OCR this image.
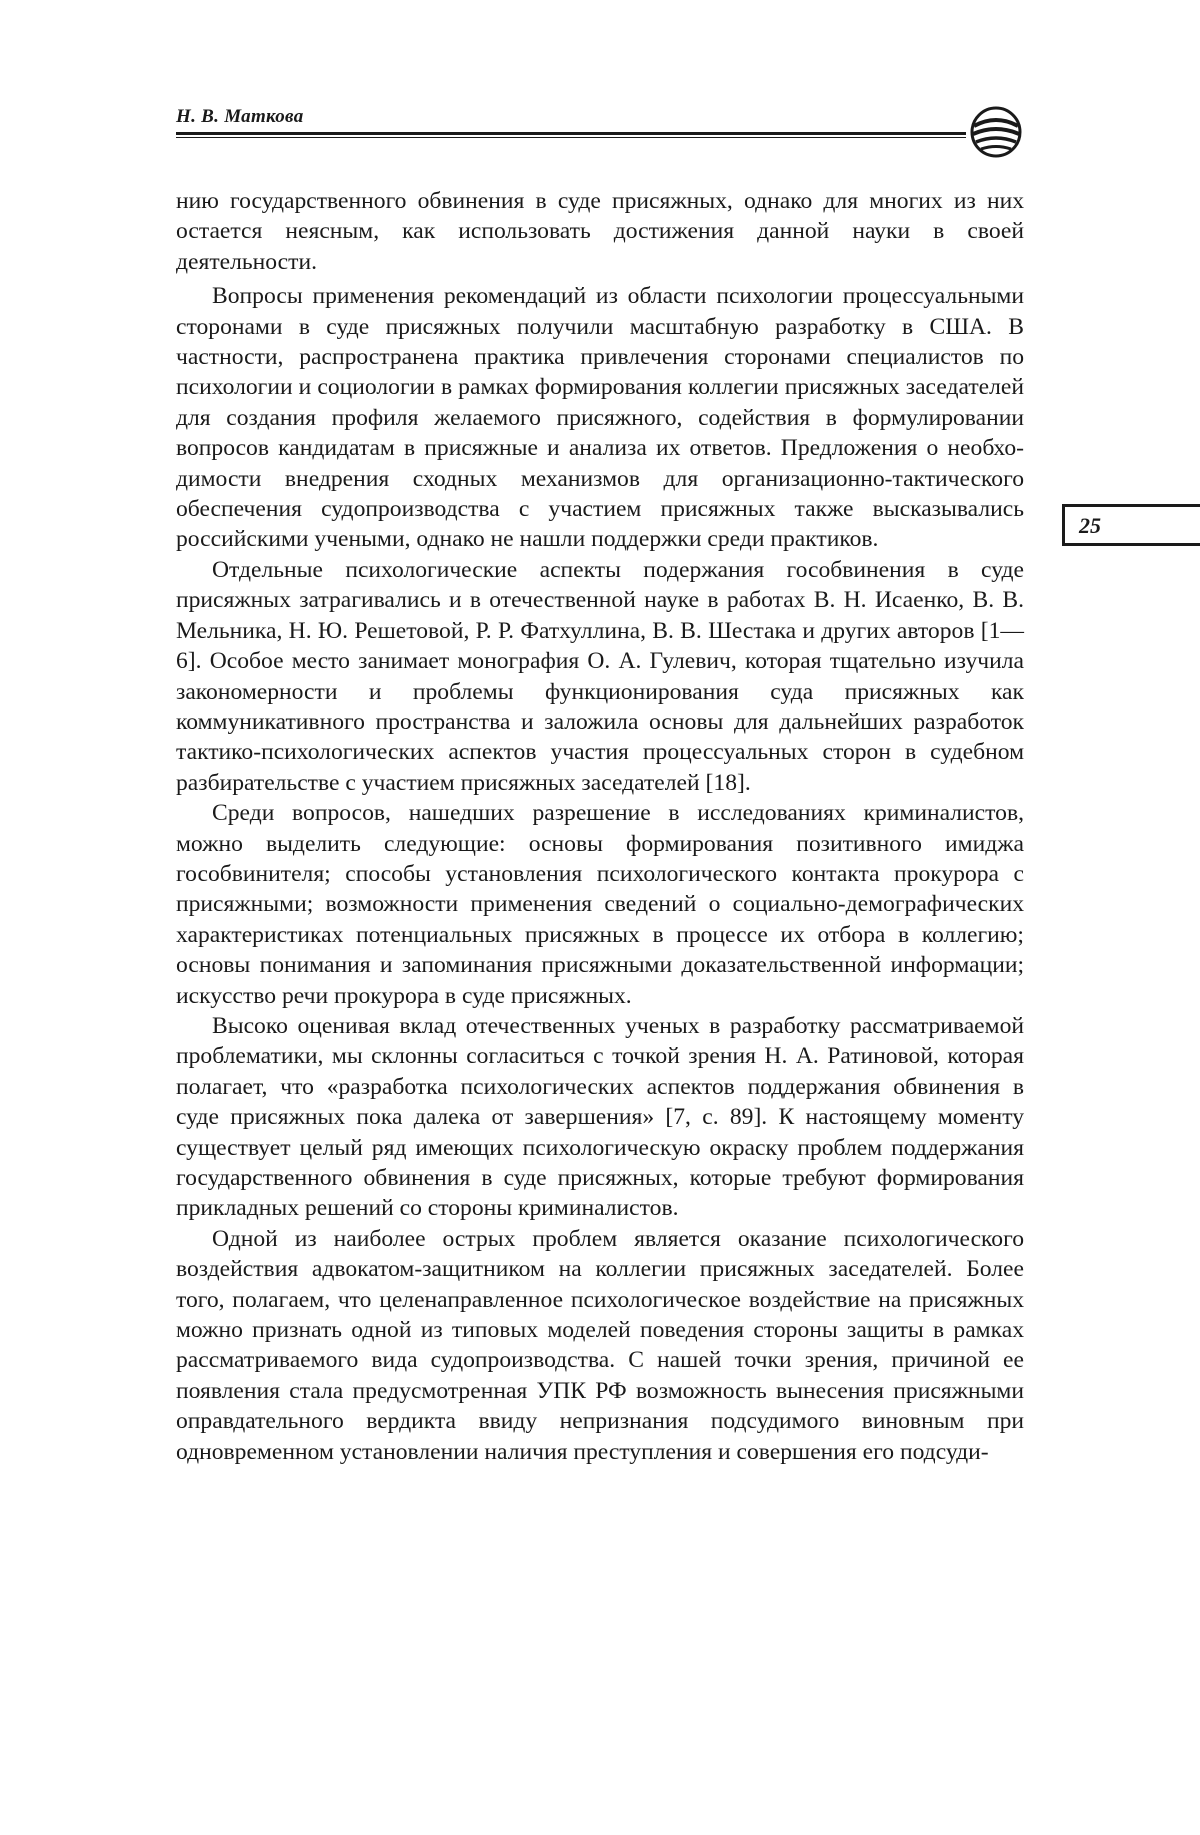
Н. В. Маткова
25

нию государственного обвинения в суде присяжных, однако для многих из них остается неясным, как использовать достижения данной науки в своей деятельности.

Вопросы применения рекомендаций из области психологии процессуальными сторонами в суде присяжных получили масштабную разработку в США. В частности, распространена практика привлечения сторонами специалистов по психологии и социологии в рамках формирования коллегии присяжных заседателей для создания профиля желаемого присяжного, содействия в формулировании вопросов кандидатам в присяжные и анализа их ответов. Предложения о необходимости внедрения сходных механизмов для организационно-тактического обеспечения судопроизводства с участием присяжных также высказывались российскими учеными, однако не нашли поддержки среди практиков.

Отдельные психологические аспекты подержания гособвинения в суде присяжных затрагивались и в отечественной науке в работах В. Н. Исаенко, В. В. Мельника, Н. Ю. Решетовой, Р. Р. Фатхуллина, В. В. Шестака и других авторов [1—6]. Особое место занимает монография О. А. Гулевич, которая тщательно изучила закономерности и проблемы функционирования суда присяжных как коммуникативного пространства и заложила основы для дальнейших разработок тактико-психологических аспектов участия процессуальных сторон в судебном разбирательстве с участием присяжных заседателей [18].

Среди вопросов, нашедших разрешение в исследованиях криминалистов, можно выделить следующие: основы формирования позитивного имиджа гособвинителя; способы установления психологического контакта прокурора с присяжными; возможности применения сведений о социально-демографических характеристиках потенциальных присяжных в процессе их отбора в коллегию; основы понимания и запоминания присяжными доказательственной информации; искусство речи прокурора в суде присяжных.

Высоко оценивая вклад отечественных ученых в разработку рассматриваемой проблематики, мы склонны согласиться с точкой зрения Н. А. Ратиновой, которая полагает, что «разработка психологических аспектов поддержания обвинения в суде присяжных пока далека от завершения» [7, с. 89]. К настоящему моменту существует целый ряд имеющих психологическую окраску проблем поддержания государственного обвинения в суде присяжных, которые требуют формирования прикладных решений со стороны криминалистов.

Одной из наиболее острых проблем является оказание психологического воздействия адвокатом-защитником на коллегии присяжных заседателей. Более того, полагаем, что целенаправленное психологическое воздействие на присяжных можно признать одной из типовых моделей поведения стороны защиты в рамках рассматриваемого вида судопроизводства. С нашей точки зрения, причиной ее появления стала предусмотренная УПК РФ возможность вынесения присяжными оправдательного вердикта ввиду непризнания подсудимого виновным при одновременном установлении наличия преступления и совершения его подсуди-
